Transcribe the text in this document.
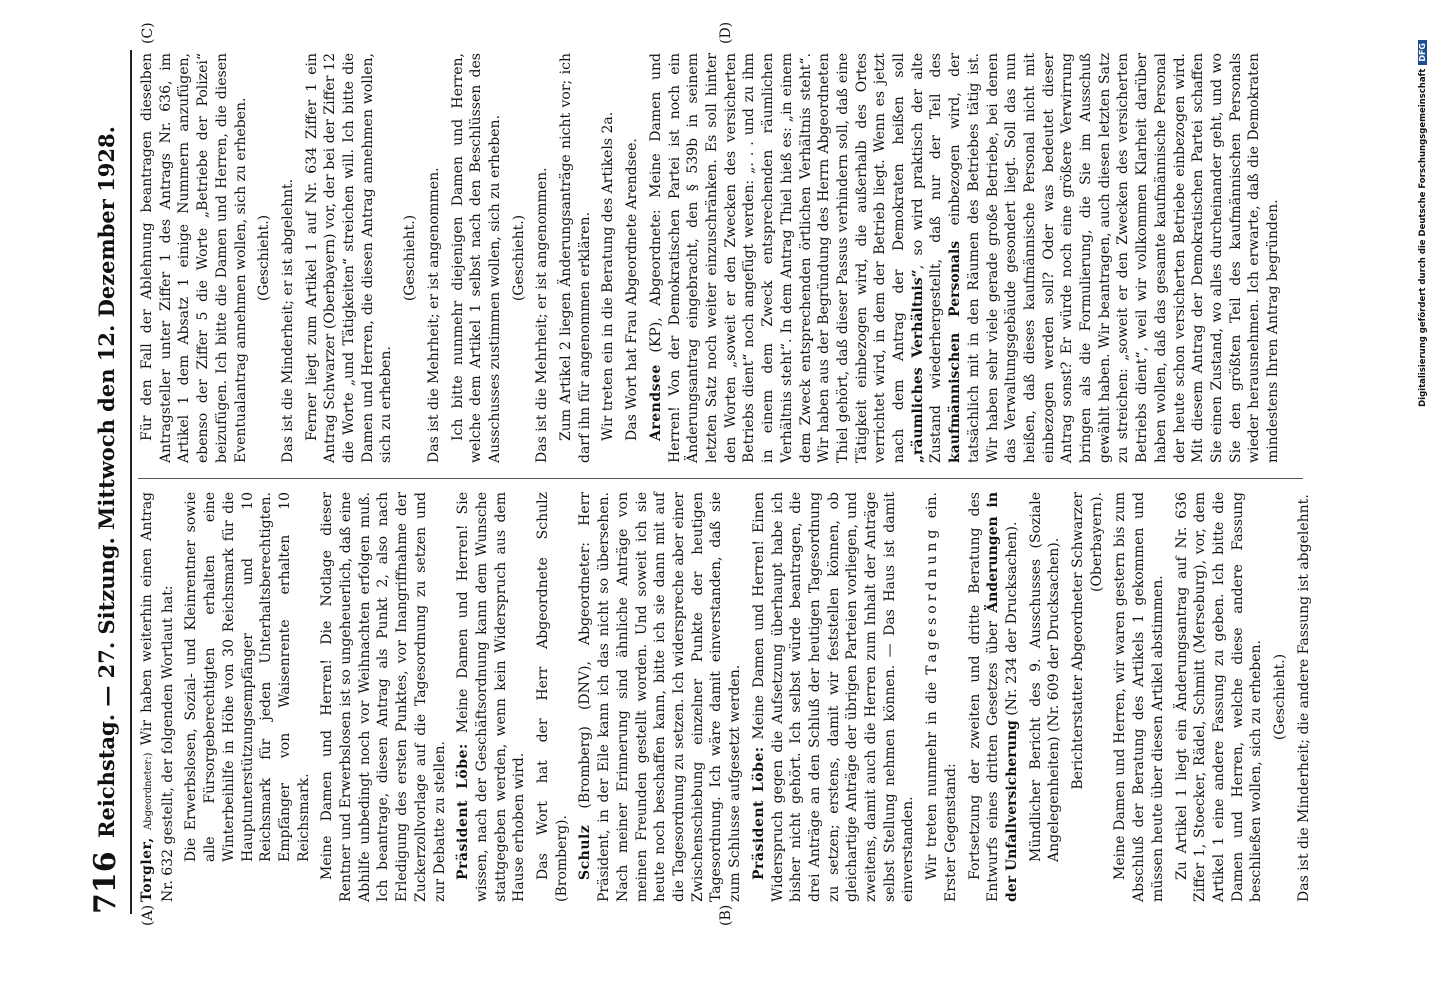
716
Reichstag. — 27. Sitzung. Mittwoch den 12. Dezember 1928.
(A)	(B)
(C)	(D)

Torgler, Abgeordneter:) Wir haben weiterhin einen Antrag Nr. 632 gestellt, der folgenden Wortlaut hat: Die Erwerbslosen, Sozial- und Kleinrentner sowie alle Fürsorgeberechtigten erhalten eine Winterbeihilfe in Höhe von 30 Reichsmark für die Hauptunterstützungsempfänger und 10 Reichsmark für jeden Unterhaltsberechtigten. Empfänger von Waisenrente erhalten 10 Reichsmark. Meine Damen und Herren! Die Notlage dieser Rentner und Erwerbslosen ist so ungeheuerlich, daß eine Abhilfe unbedingt noch vor Weihnachten erfolgen muß. Ich beantrage, diesen Antrag als Punkt 2, also nach Erledigung des ersten Punktes, vor Inangriffnahme der Zuckerzollvorlage auf die Tagesordnung zu setzen und zur Debatte zu stellen. Präsident Löbe: Meine Damen und Herren! Sie wissen, nach der Geschäftsordnung kann dem Wunsche stattgegeben werden, wenn kein Widerspruch aus dem Hause erhoben wird. Das Wort hat der Herr Abgeordnete Schulz (Bromberg). Schulz (Bromberg) (DNV), Abgeordneter: Herr Präsident, in der Eile kann ich das nicht so übersehen. Nach meiner Erinnerung sind ähnliche Anträge von meinen Freunden gestellt worden. Und soweit ich sie heute noch beschaffen kann, bitte ich sie dann mit auf die Tagesordnung zu setzen. Ich widerspreche aber einer Zwischenschiebung einzelner Punkte der heutigen Tagesordnung. Ich wäre damit einverstanden, daß sie zum Schlusse aufgesetzt werden. Präsident Löbe: Meine Damen und Herren! Einen Widerspruch gegen die Aufsetzung überhaupt habe ich bisher nicht gehört. Ich selbst würde beantragen, die drei Anträge an den Schluß der heutigen Tagesordnung zu setzen; erstens, damit wir feststellen können, ob gleichartige Anträge der übrigen Parteien vorliegen, und zweitens, damit auch die Herren zum Inhalt der Anträge selbst Stellung nehmen können. — Das Haus ist damit einverstanden. Wir treten nunmehr in die Tagesordnung ein. Erster Gegenstand: Fortsetzung der zweiten und dritte Beratung des Entwurfs eines dritten Gesetzes über Änderungen in der Unfallversicherung (Nr. 234 der Drucksachen). Mündlicher Bericht des 9. Ausschusses (Soziale Angelegenheiten) (Nr. 609 der Drucksachen). Berichterstatter Abgeordneter Schwarzer (Oberbayern). Meine Damen und Herren, wir waren gestern bis zum Abschluß der Beratung des Artikels 1 gekommen und müssen heute über diesen Artikel abstimmen. Zu Artikel 1 liegt ein Änderungsantrag auf Nr. 636 Ziffer 1, Stoecker, Rädel, Schmitt (Merseburg), vor, dem Artikel 1 eine andere Fassung zu geben. Ich bitte die Damen und Herren, welche diese andere Fassung beschließen wollen, sich zu erheben. (Geschieht.) Das ist die Minderheit; die andere Fassung ist abgelehnt.

Für den Fall der Ablehnung beantragen dieselben Antragsteller unter Ziffer 1 des Antrags Nr. 636, im Artikel 1 dem Absatz 1 einige Nummern anzufügen, ebenso der Ziffer 5 die Worte „Betriebe der Polizei“ beizufügen. Ich bitte die Damen und Herren, die diesen Eventualantrag annehmen wollen, sich zu erheben. (Geschieht.) Das ist die Minderheit; er ist abgelehnt. Ferner liegt zum Artikel 1 auf Nr. 634 Ziffer 1 ein Antrag Schwarzer (Oberbayern) vor, der bei der Ziffer 12 die Worte „und Tätigkeiten“ streichen will. Ich bitte die Damen und Herren, die diesen Antrag annehmen wollen, sich zu erheben.

(Geschieht.) Das ist die Mehrheit; er ist angenommen. Ich bitte nunmehr diejenigen Damen und Herren, welche dem Artikel 1 selbst nach den Beschlüssen des Ausschusses zustimmen wollen, sich zu erheben. (Geschieht.) Das ist die Mehrheit; er ist angenommen. Zum Artikel 2 liegen Änderungsanträge nicht vor; ich darf ihn für angenommen erklären. Wir treten ein in die Beratung des Artikels 2a. Das Wort hat Frau Abgeordnete Arendsee. Arendsee (KP), Abgeordnete: Meine Damen und Herren! Von der Demokratischen Partei ist noch ein Änderungsantrag eingebracht, den § 539b in seinem letzten Satz noch weiter einzuschränken. Es soll hinter den Worten „soweit er den Zwecken des versicherten Betriebs dient“ noch angefügt werden: „. . . und zu ihm in einem dem Zweck entsprechenden räumlichen Verhältnis steht“. In dem Antrag Thiel hieß es: „in einem dem Zweck entsprechenden örtlichen Verhältnis steht“. Wir haben aus der Begründung des Herrn Abgeordneten Thiel gehört, daß dieser Passus verhindern soll, daß eine Tätigkeit einbezogen wird, die außerhalb des Ortes verrichtet wird, in dem der Betrieb liegt. Wenn es jetzt nach dem Antrag der Demokraten heißen soll „räumliches Verhältnis“, so wird praktisch der alte Zustand wiederhergestellt, daß nur der Teil des kaufmännischen Personals einbezogen wird, der tatsächlich mit in den Räumen des Betriebes tätig ist. Wir haben sehr viele gerade große Betriebe, bei denen das Verwaltungsgebäude gesondert liegt. Soll das nun heißen, daß dieses kaufmännische Personal nicht mit einbezogen werden soll? Oder was bedeutet dieser Antrag sonst? Er würde noch eine größere Verwirrung bringen als die Formulierung, die Sie im Ausschuß gewählt haben. Wir beantragen, auch diesen letzten Satz zu streichen: „soweit er den Zwecken des versicherten Betriebs dient“, weil wir vollkommen Klarheit darüber haben wollen, daß das gesamte kaufmännische Personal der heute schon versicherten Betriebe einbezogen wird. Mit diesem Antrag der Demokratischen Partei schaffen Sie einen Zustand, wo alles durcheinander geht, und wo Sie den größten Teil des kaufmännischen Personals wieder herausnehmen. Ich erwarte, daß die Demokraten mindestens Ihren Antrag begründen.	Digitalisierung gefördert durch die Deutsche ForschungsgemeinschaftDFG
